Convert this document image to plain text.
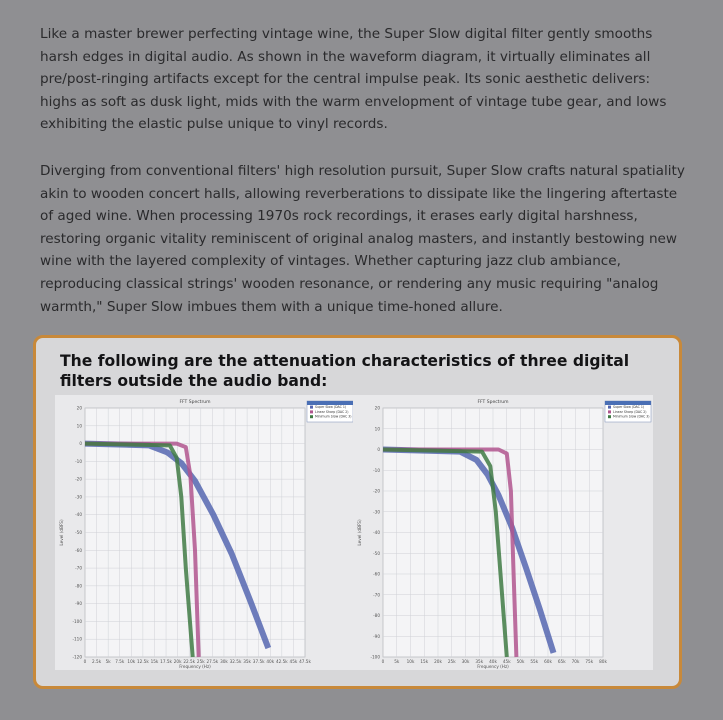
Like a master brewer perfecting vintage wine, the Super Slow digital filter gently smooths harsh edges in digital audio. As shown in the waveform diagram, it virtually eliminates all pre/post-ringing artifacts except for the central impulse peak. Its sonic aesthetic delivers: highs as soft as dusk light, mids with the warm envelopment of vintage tube gear, and lows exhibiting the elastic pulse unique to vinyl records.

Diverging from conventional filters' high resolution pursuit, Super Slow crafts natural spatiality akin to wooden concert halls, allowing reverberations to dissipate like the lingering aftertaste of aged wine. When processing 1970s rock recordings, it erases early digital harshness, restoring organic vitality reminiscent of original analog masters, and instantly bestowing new wine with the layered complexity of vintages. Whether capturing jazz club ambiance, reproducing classical strings' wooden resonance, or rendering any music requiring "analog warmth," Super Slow imbues them with a unique time-honed allure.

The following are the attenuation characteristics of three digital filters outside the audio band:
20
10
0
-10
-20
-30
-40
-50
-60
-70
-80
-90
-100
-110
-120
0 2.5k 5k 7.5k 10k 12.5k 15k 17.5k 20k 22.5k 25k 27.5k 30k 32.5k 35k 37.5k 40k 42.5k 45k 47.5k
FFT Spectrum
Frequency (Hz)
Level (dBFS)
Super Slow (DAC 1)
Linear Sharp (DAC 2)
Minimum Slow (DAC 3)
20
10
0
-10
-20
-30
-40
-50
-60
-70
-80
-90
-100
0 5k 10k 15k 20k 25k 30k 35k 40k 45k 50k 55k 60k 65k 70k 75k 80k
FFT Spectrum
Frequency (Hz)
Level (dBFS)
Super Slow (DAC 1)
Linear Sharp (DAC 2)
Minimum Slow (DAC 3)
